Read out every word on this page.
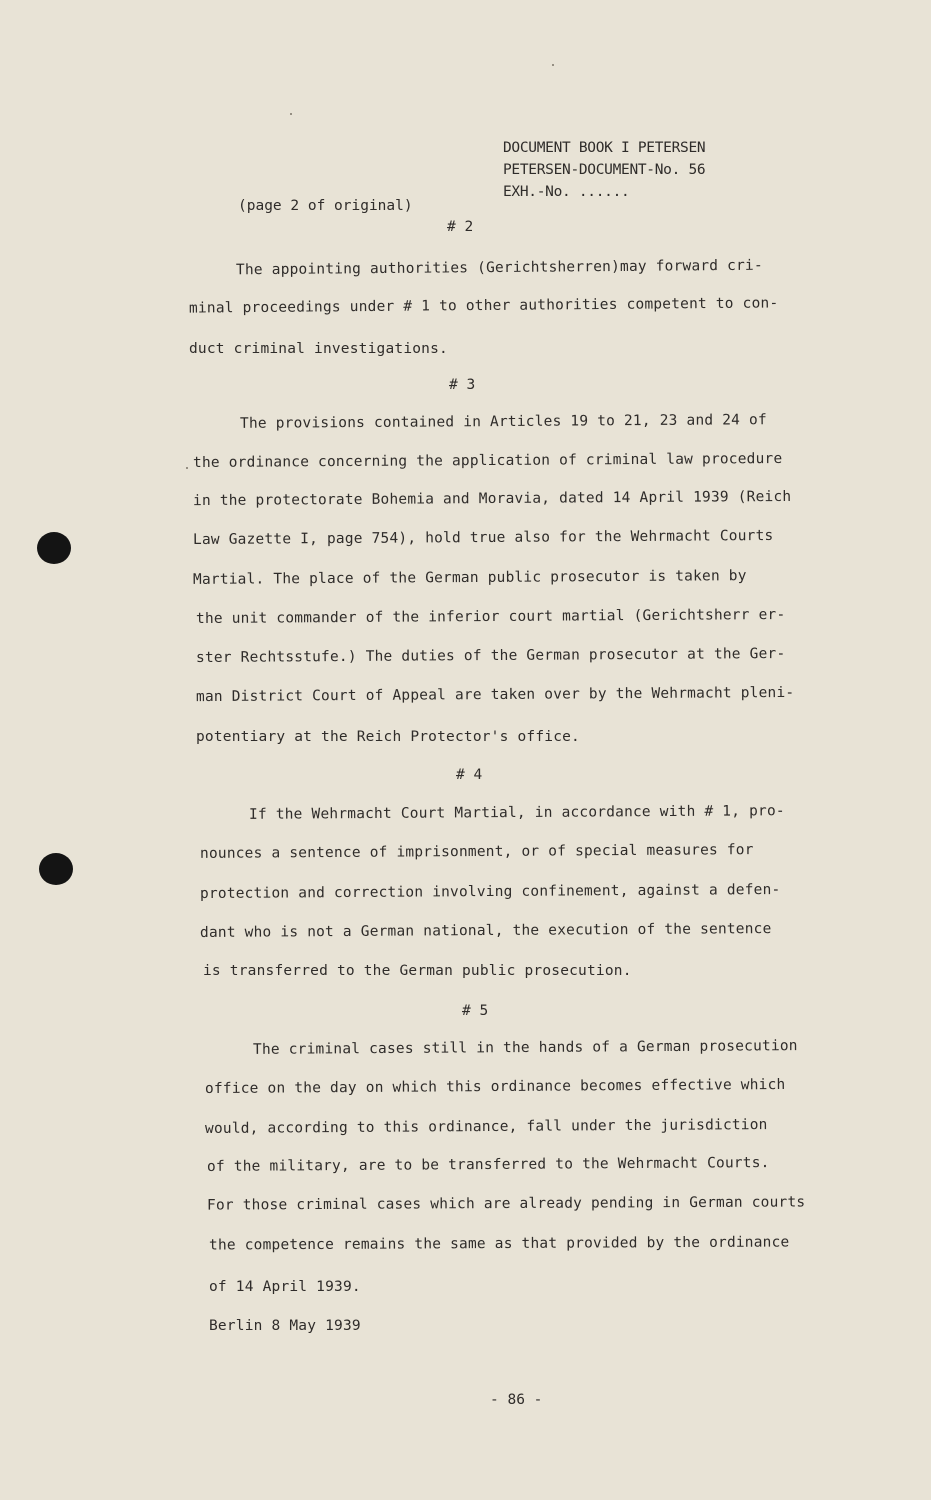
DOCUMENT BOOK I PETERSEN
PETERSEN-DOCUMENT-No. 56
EXH.-No. ......
(page 2 of original)
# 2
The appointing authorities (Gerichtsherren)may forward cri-
minal proceedings under # 1 to other authorities competent to con-
duct criminal investigations.
# 3
The provisions contained in Articles 19 to 21, 23 and 24 of
the ordinance concerning the application of criminal law procedure
in the protectorate Bohemia and Moravia, dated 14 April 1939 (Reich
Law Gazette I, page 754), hold true also for the Wehrmacht Courts
Martial. The place of the German public prosecutor is taken by
the unit commander of the inferior court martial (Gerichtsherr er-
ster Rechtsstufe.) The duties of the German prosecutor at the Ger-
man District Court of Appeal are taken over by the Wehrmacht pleni-
potentiary at the Reich Protector's office.
# 4
If the Wehrmacht Court Martial, in accordance with # 1, pro-
nounces a sentence of imprisonment, or of special measures for
protection and correction involving confinement, against a defen-
dant who is not a German national, the execution of the sentence
is transferred to the German public prosecution.
# 5
The criminal cases still in the hands of a German prosecution
office on the day on which this ordinance becomes effective which
would, according to this ordinance, fall under the jurisdiction
of the military, are to be transferred to the Wehrmacht Courts.
For those criminal cases which are already pending in German courts
the competence remains the same as that provided by the ordinance
of 14 April 1939.
Berlin 8 May 1939
- 86 -
